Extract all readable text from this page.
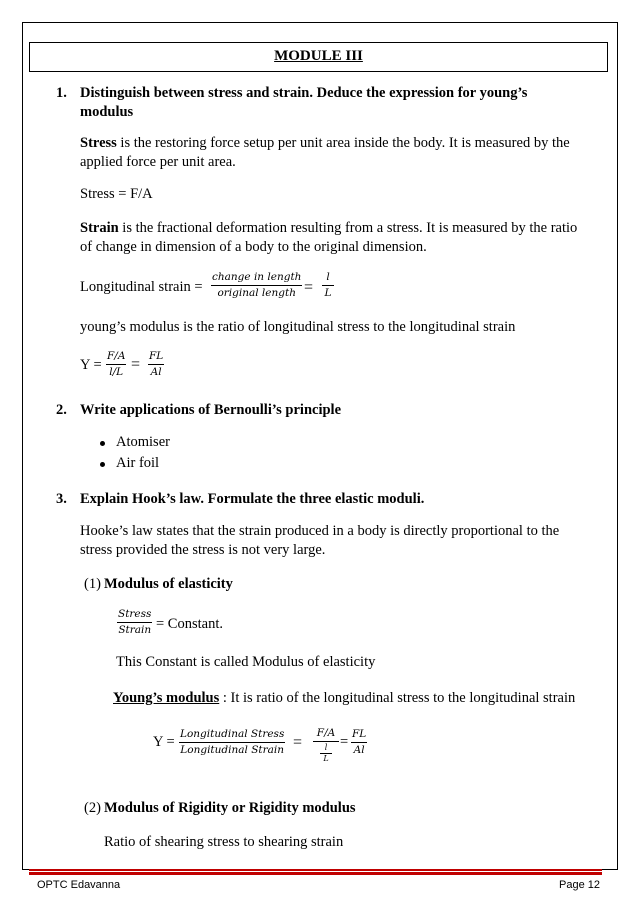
MODULE III
1. Distinguish between stress and strain. Deduce the expression for young’s
modulus
Stress is the restoring force setup per unit area inside the body. It is measured by the
applied force per unit area.
Stress = F/A
Strain is the fractional deformation resulting from a stress. It is measured by the ratio
of change in dimension of a body to the original dimension.
Longitudinal strain =
change in length
original length = $\frac{l}{L}$
young’s modulus is the ratio of longitudinal stress to the longitudinal strain
$Y = \frac{F/A}{l/L} = \frac{FL}{Al}$
2. Write applications of Bernoulli’s principle
Atomiser
Air foil
3. Explain Hook’s law. Formulate the three elastic moduli.
Hooke’s law states that the strain produced in a body is directly proportional to the
stress provided the stress is not very large.
(1) Modulus of elasticity
Stress
Strain = Constant.
This Constant is called Modulus of elasticity
Young’s modulus : It is ratio of the longitudinal stress to the longitudinal strain
Y = Longitudinal Stress
Longitudinal Strain =
F/A
l
L
= $\frac{FL}{Al}$
(2) Modulus of Rigidity or Rigidity modulus
Ratio of shearing stress to shearing strain
OPTC Edavanna	Page 12
